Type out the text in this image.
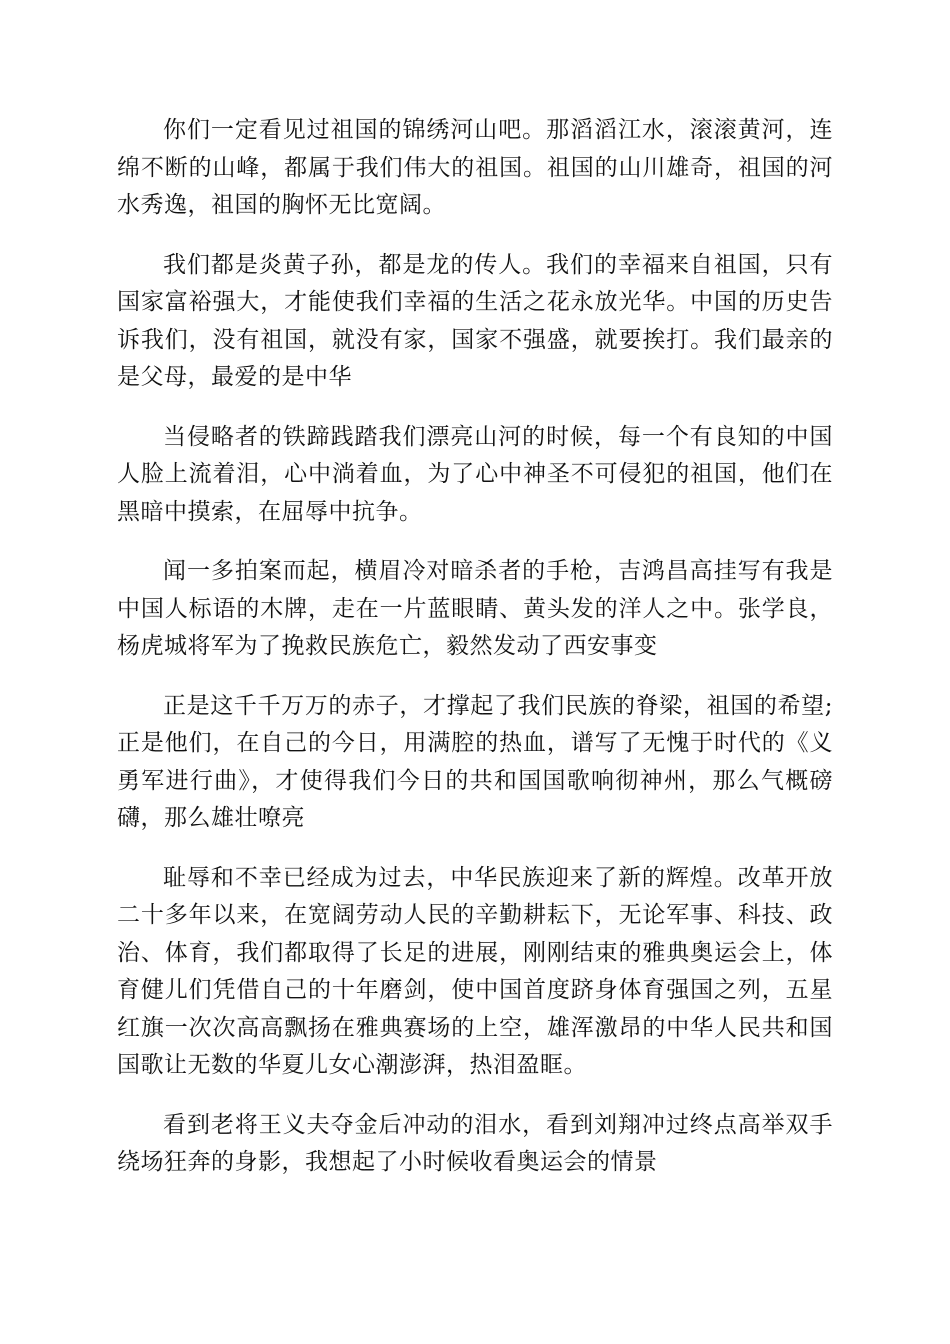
你们一定看见过祖国的锦绣河山吧。那滔滔江水，滚滚黄河，连绵不断的山峰，都属于我们伟大的祖国。祖国的山川雄奇，祖国的河水秀逸，祖国的胸怀无比宽阔。

我们都是炎黄子孙，都是龙的传人。我们的幸福来自祖国，只有国家富裕强大，才能使我们幸福的生活之花永放光华。中国的历史告诉我们，没有祖国，就没有家，国家不强盛，就要挨打。我们最亲的是父母，最爱的是中华

当侵略者的铁蹄践踏我们漂亮山河的时候，每一个有良知的中国人脸上流着泪，心中淌着血，为了心中神圣不可侵犯的祖国，他们在黑暗中摸索，在屈辱中抗争。

闻一多拍案而起，横眉冷对暗杀者的手枪，吉鸿昌高挂写有我是中国人标语的木牌，走在一片蓝眼睛、黄头发的洋人之中。张学良，杨虎城将军为了挽救民族危亡，毅然发动了西安事变

正是这千千万万的赤子，才撑起了我们民族的脊梁，祖国的希望;正是他们，在自己的今日，用满腔的热血，谱写了无愧于时代的《义勇军进行曲》，才使得我们今日的共和国国歌响彻神州，那么气概磅礴，那么雄壮嘹亮

耻辱和不幸已经成为过去，中华民族迎来了新的辉煌。改革开放二十多年以来，在宽阔劳动人民的辛勤耕耘下，无论军事、科技、政治、体育，我们都取得了长足的进展，刚刚结束的雅典奥运会上，体育健儿们凭借自己的十年磨剑，使中国首度跻身体育强国之列，五星红旗一次次高高飘扬在雅典赛场的上空，雄浑激昂的中华人民共和国国歌让无数的华夏儿女心潮澎湃，热泪盈眶。

看到老将王义夫夺金后冲动的泪水，看到刘翔冲过终点高举双手绕场狂奔的身影，我想起了小时候收看奥运会的情景
